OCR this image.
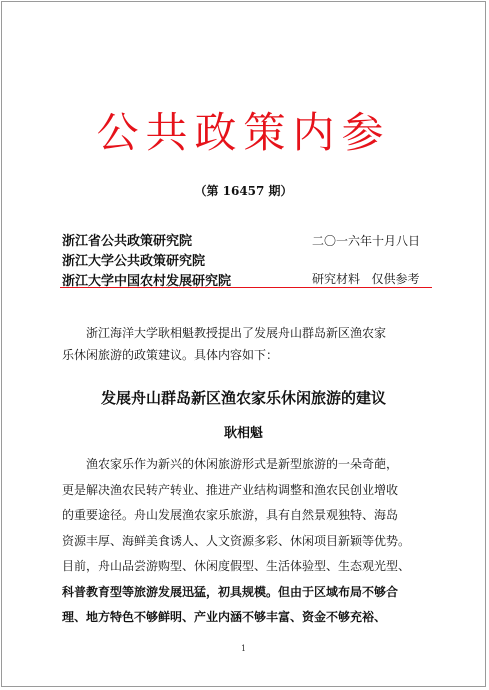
公共政策内参
（第 16457 期）
浙江省公共政策研究院
浙江大学公共政策研究院
浙江大学中国农村发展研究院
二〇一六年十月八日
研究材料   仅供参考

浙江海洋大学耿相魁教授提出了发展舟山群岛新区渔农家

乐休闲旅游的政策建议。具体内容如下：

发展舟山群岛新区渔农家乐休闲旅游的建议
耿相魁
渔农家乐作为新兴的休闲旅游形式是新型旅游的一朵奇葩，
更是解决渔农民转产转业、推进产业结构调整和渔农民创业增收
的重要途径。舟山发展渔农家乐旅游，具有自然景观独特、海岛
资源丰厚、海鲜美食诱人、人文资源多彩、休闲项目新颖等优势。
目前，舟山品尝游购型、休闲度假型、生活体验型、生态观光型、
科普教育型等旅游发展迅猛，初具规模。但由于区域布局不够合
理、地方特色不够鲜明、产业内涵不够丰富、资金不够充裕、
1
